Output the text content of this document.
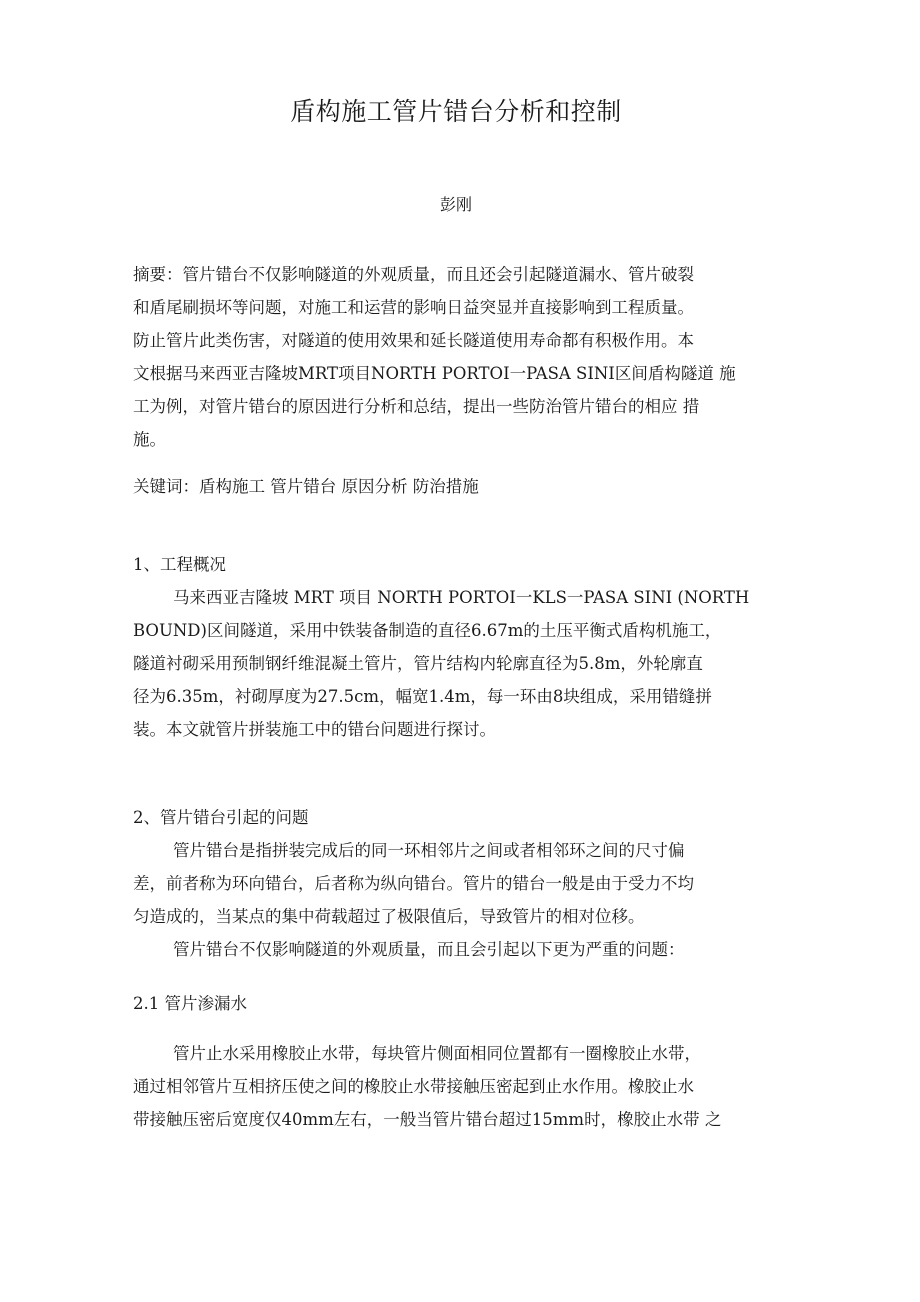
盾构施工管片错台分析和控制
彭刚
摘要：管片错台不仅影响隧道的外观质量，而且还会引起隧道漏水、管片破裂
和盾尾刷损坏等问题，对施工和运营的影响日益突显并直接影响到工程质量。
防止管片此类伤害，对隧道的使用效果和延长隧道使用寿命都有积极作用。本
文根据马来西亚吉隆坡MRT项目NORTH PORTOI一PASA SINI区间盾构隧道 施
工为例，对管片错台的原因进行分析和总结，提出一些防治管片错台的相应 措
施。
关键词：盾构施工 管片错台 原因分析 防治措施
1、工程概况
马来西亚吉隆坡 MRT 项目 NORTH PORTOI一KLS一PASA SINI (NORTH
BOUND)区间隧道，采用中铁装备制造的直径6.67m的土压平衡式盾构机施工，
隧道衬砌采用预制钢纤维混凝土管片，管片结构内轮廓直径为5.8m，外轮廓直
径为6.35m，衬砌厚度为27.5cm，幅宽1.4m，每一环由8块组成，采用错缝拼
装。本文就管片拼装施工中的错台问题进行探讨。
2、管片错台引起的问题
管片错台是指拼装完成后的同一环相邻片之间或者相邻环之间的尺寸偏
差，前者称为环向错台，后者称为纵向错台。管片的错台一般是由于受力不均
匀造成的，当某点的集中荷载超过了极限值后，导致管片的相对位移。
管片错台不仅影响隧道的外观质量，而且会引起以下更为严重的问题：
2.1 管片渗漏水
管片止水采用橡胶止水带，每块管片侧面相同位置都有一圈橡胶止水带，
通过相邻管片互相挤压使之间的橡胶止水带接触压密起到止水作用。橡胶止水
带接触压密后宽度仅40mm左右，一般当管片错台超过15mm时，橡胶止水带 之
